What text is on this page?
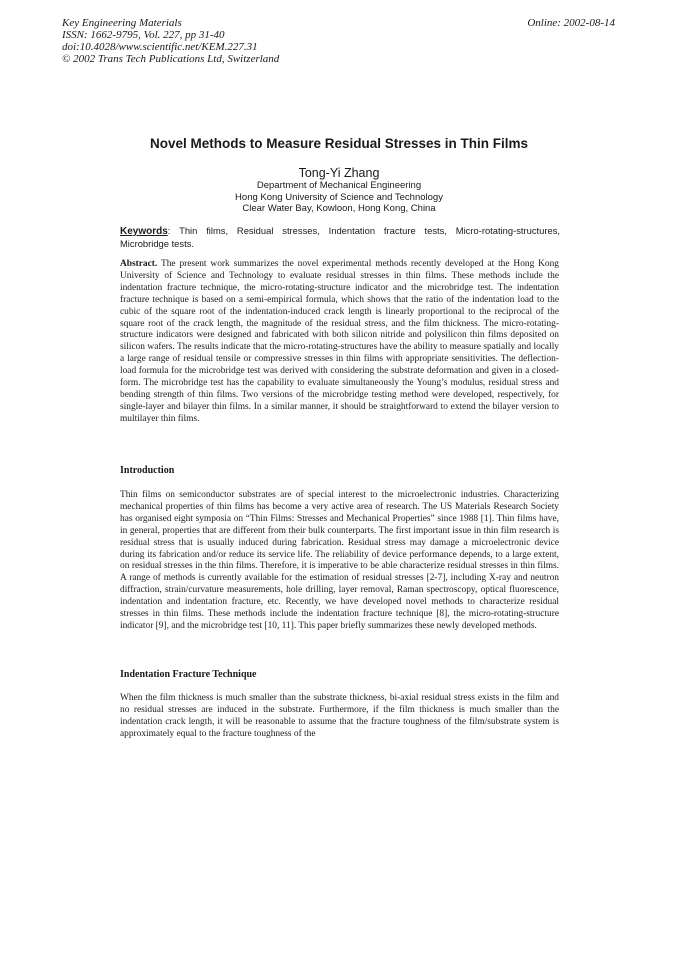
Key Engineering Materials
ISSN: 1662-9795, Vol. 227, pp 31-40
doi:10.4028/www.scientific.net/KEM.227.31
© 2002 Trans Tech Publications Ltd, Switzerland
Online: 2002-08-14
Novel Methods to Measure Residual Stresses in Thin Films
Tong-Yi Zhang
Department of Mechanical Engineering
Hong Kong University of Science and Technology
Clear Water Bay, Kowloon, Hong Kong, China
Keywords: Thin films, Residual stresses, Indentation fracture tests, Micro-rotating-structures, Microbridge tests.

Abstract. The present work summarizes the novel experimental methods recently developed at the Hong Kong University of Science and Technology to evaluate residual stresses in thin films. These methods include the indentation fracture technique, the micro-rotating-structure indicator and the microbridge test. The indentation fracture technique is based on a semi-empirical formula, which shows that the ratio of the indentation load to the cubic of the square root of the indentation-induced crack length is linearly proportional to the reciprocal of the square root of the crack length, the magnitude of the residual stress, and the film thickness. The micro-rotating-structure indicators were designed and fabricated with both silicon nitride and polysilicon thin films deposited on silicon wafers. The results indicate that the micro-rotating-structures have the ability to measure spatially and locally a large range of residual tensile or compressive stresses in thin films with appropriate sensitivities. The deflection-load formula for the microbridge test was derived with considering the substrate deformation and given in a closed-form. The microbridge test has the capability to evaluate simultaneously the Young’s modulus, residual stress and bending strength of thin films. Two versions of the microbridge testing method were developed, respectively, for single-layer and bilayer thin films. In a similar manner, it should be straightforward to extend the bilayer version to multilayer thin films.

Introduction

Thin films on semiconductor substrates are of special interest to the microelectronic industries. Characterizing mechanical properties of thin films has become a very active area of research. The US Materials Research Society has organised eight symposia on “Thin Films: Stresses and Mechanical Properties” since 1988 [1]. Thin films have, in general, properties that are different from their bulk counterparts. The first important issue in thin film research is residual stress that is usually induced during fabrication. Residual stress may damage a microelectronic device during its fabrication and/or reduce its service life. The reliability of device performance depends, to a large extent, on residual stresses in the thin films. Therefore, it is imperative to be able characterize residual stresses in thin films. A range of methods is currently available for the estimation of residual stresses [2-7], including X-ray and neutron diffraction, strain/curvature measurements, hole drilling, layer removal, Raman spectroscopy, optical fluorescence, indentation and indentation fracture, etc. Recently, we have developed novel methods to characterize residual stresses in thin films. These methods include the indentation fracture technique [8], the micro-rotating-structure indicator [9], and the microbridge test [10, 11]. This paper briefly summarizes these newly developed methods.

Indentation Fracture Technique

When the film thickness is much smaller than the substrate thickness, bi-axial residual stress exists in the film and no residual stresses are induced in the substrate. Furthermore, if the film thickness is much smaller than the indentation crack length, it will be reasonable to assume that the fracture toughness of the film/substrate system is approximately equal to the fracture toughness of the
